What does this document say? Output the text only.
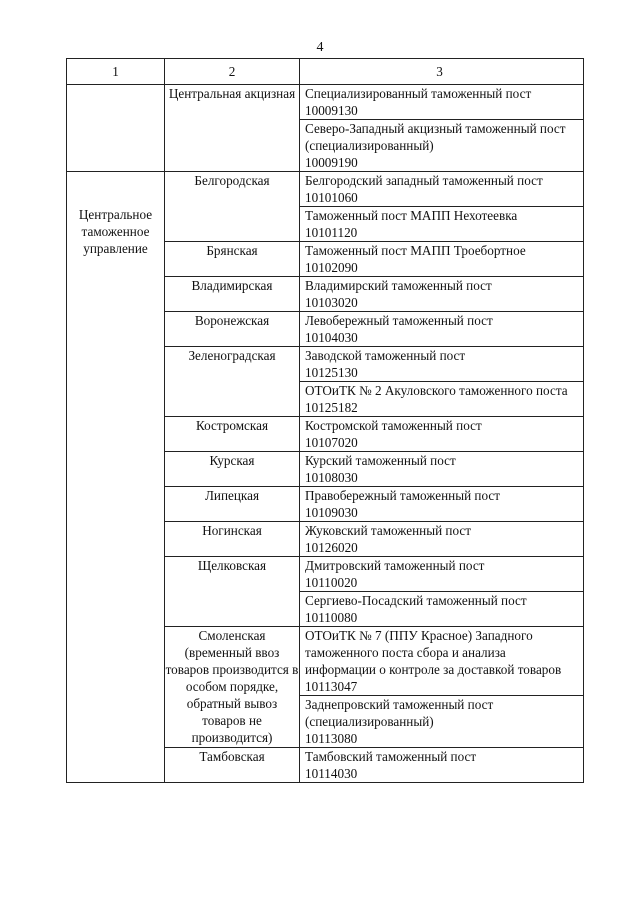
4
1	2	3

	Центральная акцизная	Специализированный таможенный пост
10009130

		Северо-Западный акцизный таможенный пост (специализированный)
10009190

Центральное таможенное управление	Белгородская	Белгородский западный таможенный пост
10101060

		Таможенный пост МАПП Нехотеевка
10101120

	Брянская	Таможенный пост МАПП Троебортное
10102090

	Владимирская	Владимирский таможенный пост
10103020

	Воронежская	Левобережный таможенный пост
10104030

	Зеленоградская	Заводской таможенный пост
10125130

		ОТОиТК № 2 Акуловского таможенного поста
10125182

	Костромская	Костромской таможенный пост
10107020

	Курская	Курский таможенный пост
10108030

	Липецкая	Правобережный таможенный пост
10109030

	Ногинская	Жуковский таможенный пост
10126020

	Щелковская	Дмитровский таможенный пост
10110020

		Сергиево-Посадский таможенный пост
10110080

	Смоленская (временный ввоз товаров производится в особом порядке, обратный вывоз товаров не производится)	ОТОиТК № 7 (ППУ Красное) Западного таможенного поста сбора и анализа информации о контроле за доставкой товаров
10113047

		Заднепровский таможенный пост (специализированный)
10113080

	Тамбовская	Тамбовский таможенный пост
10114030
